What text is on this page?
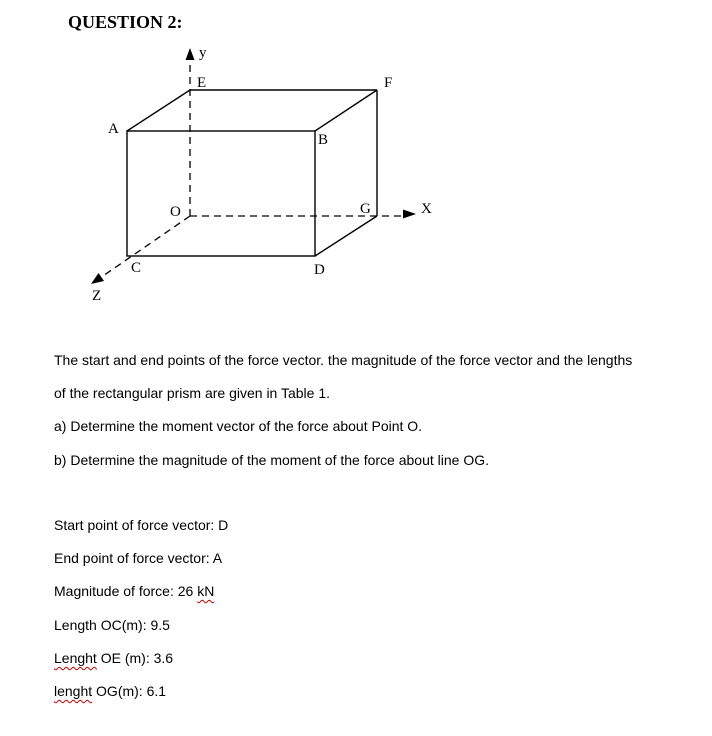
QUESTION 2:
y
E	F
A
B
O	G	X
C	D
Z
The start and end points of the force vector. the magnitude of the force vector and the lengths
of the rectangular prism are given in Table 1.
a) Determine the moment vector of the force about Point O.
b) Determine the magnitude of the moment of the force about line OG.
Start point of force vector: D
End point of force vector: A
Magnitude of force: 26 kN
Length OC(m): 9.5
Lenght OE (m): 3.6
lenght OG(m): 6.1
